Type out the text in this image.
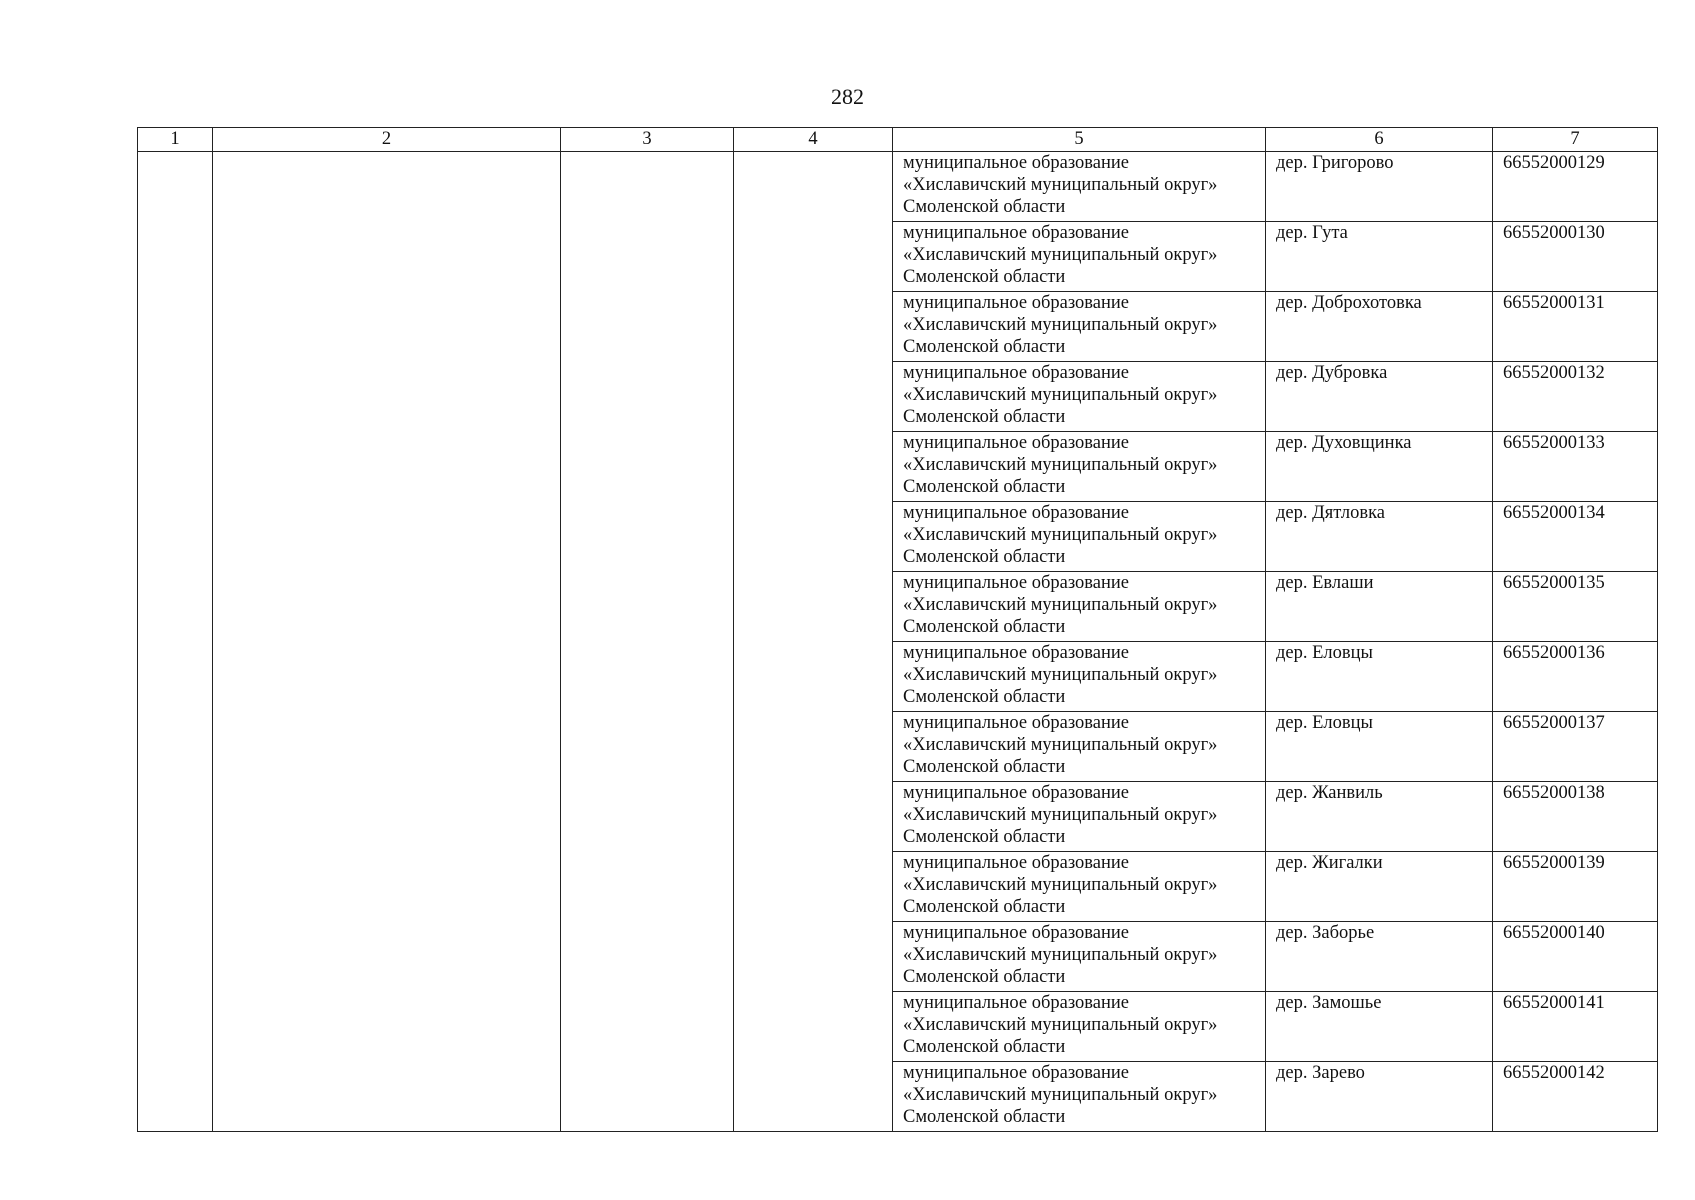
282
1	2	3	4	5	6	7

				муниципальное образование
«Хиславичский муниципальный округ»
Смоленской области	дер. Григорово	66552000129

				муниципальное образование
«Хиславичский муниципальный округ»
Смоленской области	дер. Гута	66552000130

				муниципальное образование
«Хиславичский муниципальный округ»
Смоленской области	дер. Доброхотовка	66552000131

				муниципальное образование
«Хиславичский муниципальный округ»
Смоленской области	дер. Дубровка	66552000132

				муниципальное образование
«Хиславичский муниципальный округ»
Смоленской области	дер. Духовщинка	66552000133

				муниципальное образование
«Хиславичский муниципальный округ»
Смоленской области	дер. Дятловка	66552000134

				муниципальное образование
«Хиславичский муниципальный округ»
Смоленской области	дер. Евлаши	66552000135

				муниципальное образование
«Хиславичский муниципальный округ»
Смоленской области	дер. Еловцы	66552000136

				муниципальное образование
«Хиславичский муниципальный округ»
Смоленской области	дер. Еловцы	66552000137

				муниципальное образование
«Хиславичский муниципальный округ»
Смоленской области	дер. Жанвиль	66552000138

				муниципальное образование
«Хиславичский муниципальный округ»
Смоленской области	дер. Жигалки	66552000139

				муниципальное образование
«Хиславичский муниципальный округ»
Смоленской области	дер. Заборье	66552000140

				муниципальное образование
«Хиславичский муниципальный округ»
Смоленской области	дер. Замошье	66552000141

				муниципальное образование
«Хиславичский муниципальный округ»
Смоленской области	дер. Зарево	66552000142
